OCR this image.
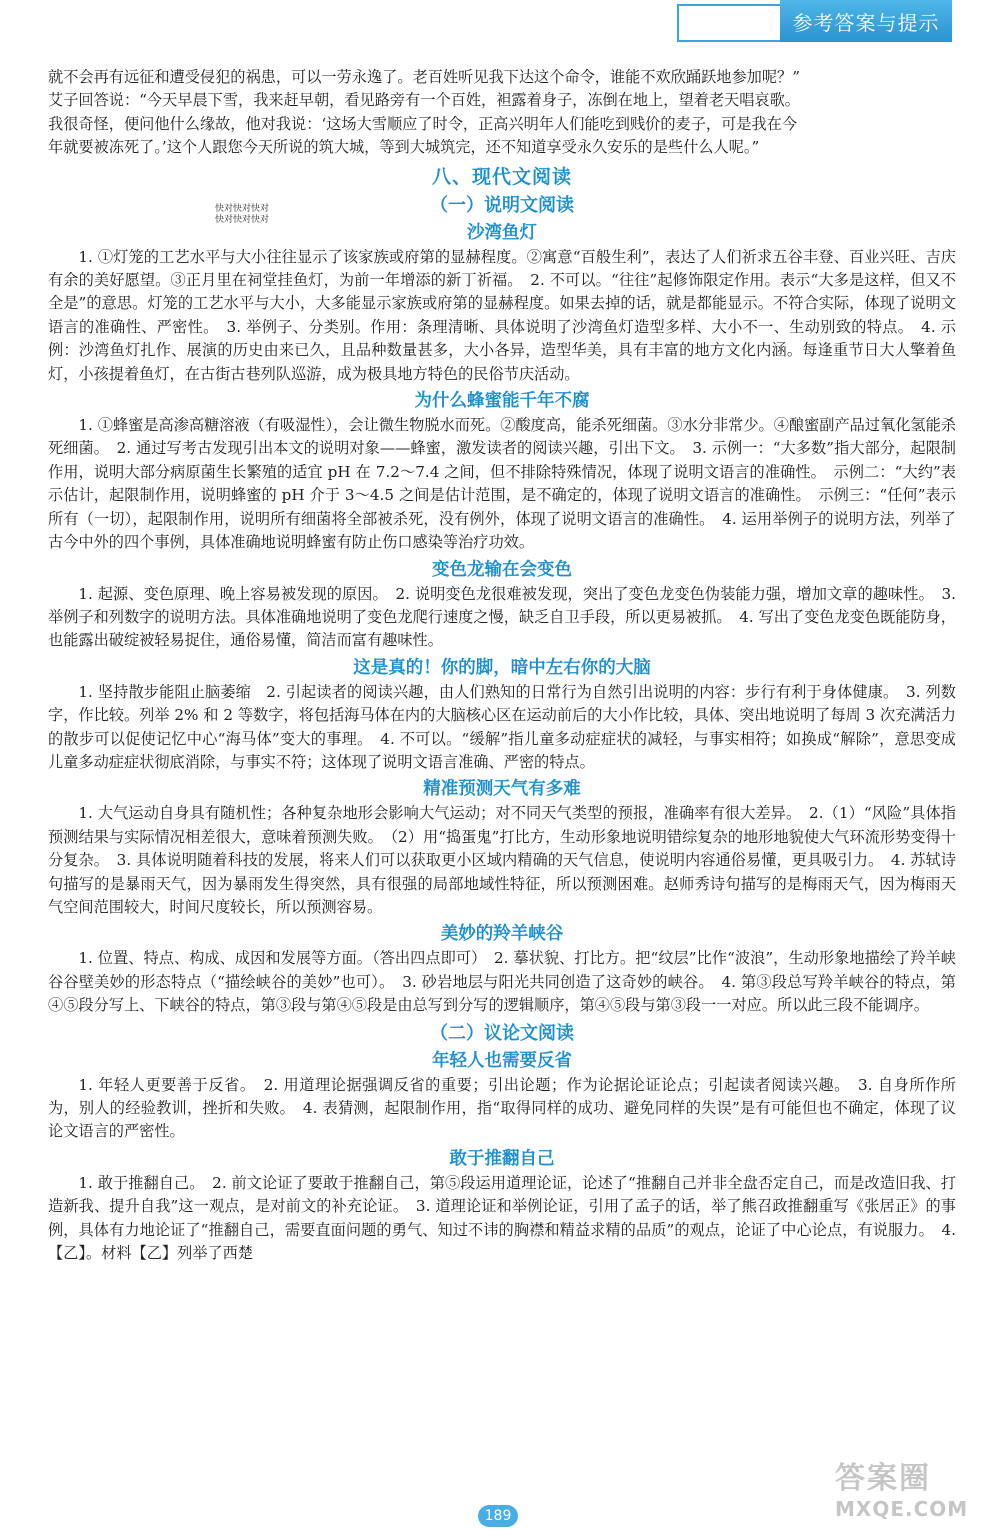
参考答案与提示
快对快对快对
快对快对快对

就不会再有远征和遭受侵犯的祸患，可以一劳永逸了。老百姓听见我下达这个命令，谁能不欢欣踊跃地参加呢？”

艾子回答说：“今天早晨下雪，我来赶早朝，看见路旁有一个百姓，袒露着身子，冻倒在地上，望着老天唱哀歌。

我很奇怪，便问他什么缘故，他对我说：‘这场大雪顺应了时令，正高兴明年人们能吃到贱价的麦子，可是我在今

年就要被冻死了。’这个人跟您今天所说的筑大城，等到大城筑完，还不知道享受永久安乐的是些什么人呢。”

八、现代文阅读
（一）说明文阅读
沙湾鱼灯

1. ①灯笼的工艺水平与大小往往显示了该家族或府第的显赫程度。②寓意“百般生利”，表达了人们祈求五谷丰登、百业兴旺、吉庆有余的美好愿望。③正月里在祠堂挂鱼灯，为前一年增添的新丁祈福。　2. 不可以。“往往”起修饰限定作用。表示“大多是这样，但又不全是”的意思。灯笼的工艺水平与大小，大多能显示家族或府第的显赫程度。如果去掉的话，就是都能显示。不符合实际，体现了说明文语言的准确性、严密性。　3. 举例子、分类别。作用：条理清晰、具体说明了沙湾鱼灯造型多样、大小不一、生动别致的特点。　4. 示例：沙湾鱼灯扎作、展演的历史由来已久，且品种数量甚多，大小各异，造型华美，具有丰富的地方文化内涵。每逢重节日大人擎着鱼灯，小孩提着鱼灯，在古街古巷列队巡游，成为极具地方特色的民俗节庆活动。

为什么蜂蜜能千年不腐

1. ①蜂蜜是高渗高糖溶液（有吸湿性），会让微生物脱水而死。②酸度高，能杀死细菌。③水分非常少。④酿蜜副产品过氧化氢能杀死细菌。　2. 通过写考古发现引出本文的说明对象——蜂蜜，激发读者的阅读兴趣，引出下文。　3. 示例一：“大多数”指大部分，起限制作用，说明大部分病原菌生长繁殖的适宜 pH 在 7.2～7.4 之间，但不排除特殊情况，体现了说明文语言的准确性。　示例二：“大约”表示估计，起限制作用，说明蜂蜜的 pH 介于 3～4.5 之间是估计范围，是不确定的，体现了说明文语言的准确性。　示例三：“任何”表示所有（一切），起限制作用，说明所有细菌将全部被杀死，没有例外，体现了说明文语言的准确性。　4. 运用举例子的说明方法，列举了古今中外的四个事例，具体准确地说明蜂蜜有防止伤口感染等治疗功效。

变色龙输在会变色

1. 起源、变色原理、晚上容易被发现的原因。　2. 说明变色龙很难被发现，突出了变色龙变色伪装能力强，增加文章的趣味性。　3. 举例子和列数字的说明方法。具体准确地说明了变色龙爬行速度之慢，缺乏自卫手段，所以更易被抓。　4. 写出了变色龙变色既能防身，也能露出破绽被轻易捉住，通俗易懂，简洁而富有趣味性。

这是真的！你的脚，暗中左右你的大脑

1. 坚持散步能阻止脑萎缩　2. 引起读者的阅读兴趣，由人们熟知的日常行为自然引出说明的内容：步行有利于身体健康。　3. 列数字，作比较。列举 2% 和 2 等数字，将包括海马体在内的大脑核心区在运动前后的大小作比较，具体、突出地说明了每周 3 次充满活力的散步可以促使记忆中心“海马体”变大的事理。　4. 不可以。“缓解”指儿童多动症症状的减轻，与事实相符；如换成“解除”，意思变成儿童多动症症状彻底消除，与事实不符；这体现了说明文语言准确、严密的特点。

精准预测天气有多难

1. 大气运动自身具有随机性；各种复杂地形会影响大气运动；对不同天气类型的预报，准确率有很大差异。　2.（1）“风险”具体指预测结果与实际情况相差很大，意味着预测失败。　（2）用“捣蛋鬼”打比方，生动形象地说明错综复杂的地形地貌使大气环流形势变得十分复杂。　3. 具体说明随着科技的发展，将来人们可以获取更小区域内精确的天气信息，使说明内容通俗易懂，更具吸引力。　4. 苏轼诗句描写的是暴雨天气，因为暴雨发生得突然，具有很强的局部地域性特征，所以预测困难。赵师秀诗句描写的是梅雨天气，因为梅雨天气空间范围较大，时间尺度较长，所以预测容易。

美妙的羚羊峡谷

1. 位置、特点、构成、成因和发展等方面。（答出四点即可）　2. 摹状貌、打比方。把“纹层”比作“波浪”，生动形象地描绘了羚羊峡谷谷壁美妙的形态特点（“描绘峡谷的美妙”也可）。　3. 砂岩地层与阳光共同创造了这奇妙的峡谷。　4. 第③段总写羚羊峡谷的特点，第④⑤段分写上、下峡谷的特点，第③段与第④⑤段是由总写到分写的逻辑顺序，第④⑤段与第③段一一对应。所以此三段不能调序。

（二）议论文阅读
年轻人也需要反省

1. 年轻人更要善于反省。　2. 用道理论据强调反省的重要；引出论题；作为论据论证论点；引起读者阅读兴趣。　3. 自身所作所为，别人的经验教训，挫折和失败。　4. 表猜测，起限制作用，指“取得同样的成功、避免同样的失误”是有可能但也不确定，体现了议论文语言的严密性。

敢于推翻自己

1. 敢于推翻自己。　2. 前文论证了要敢于推翻自己，第⑤段运用道理论证，论述了“推翻自己并非全盘否定自己，而是改造旧我、打造新我、提升自我”这一观点，是对前文的补充论证。　3. 道理论证和举例论证，引用了孟子的话，举了熊召政推翻重写《张居正》的事例，具体有力地论证了“推翻自己，需要直面问题的勇气、知过不讳的胸襟和精益求精的品质”的观点，论证了中心论点，有说服力。　4.【乙】。材料【乙】列举了西楚

189
答案圈
MXQE.COM
